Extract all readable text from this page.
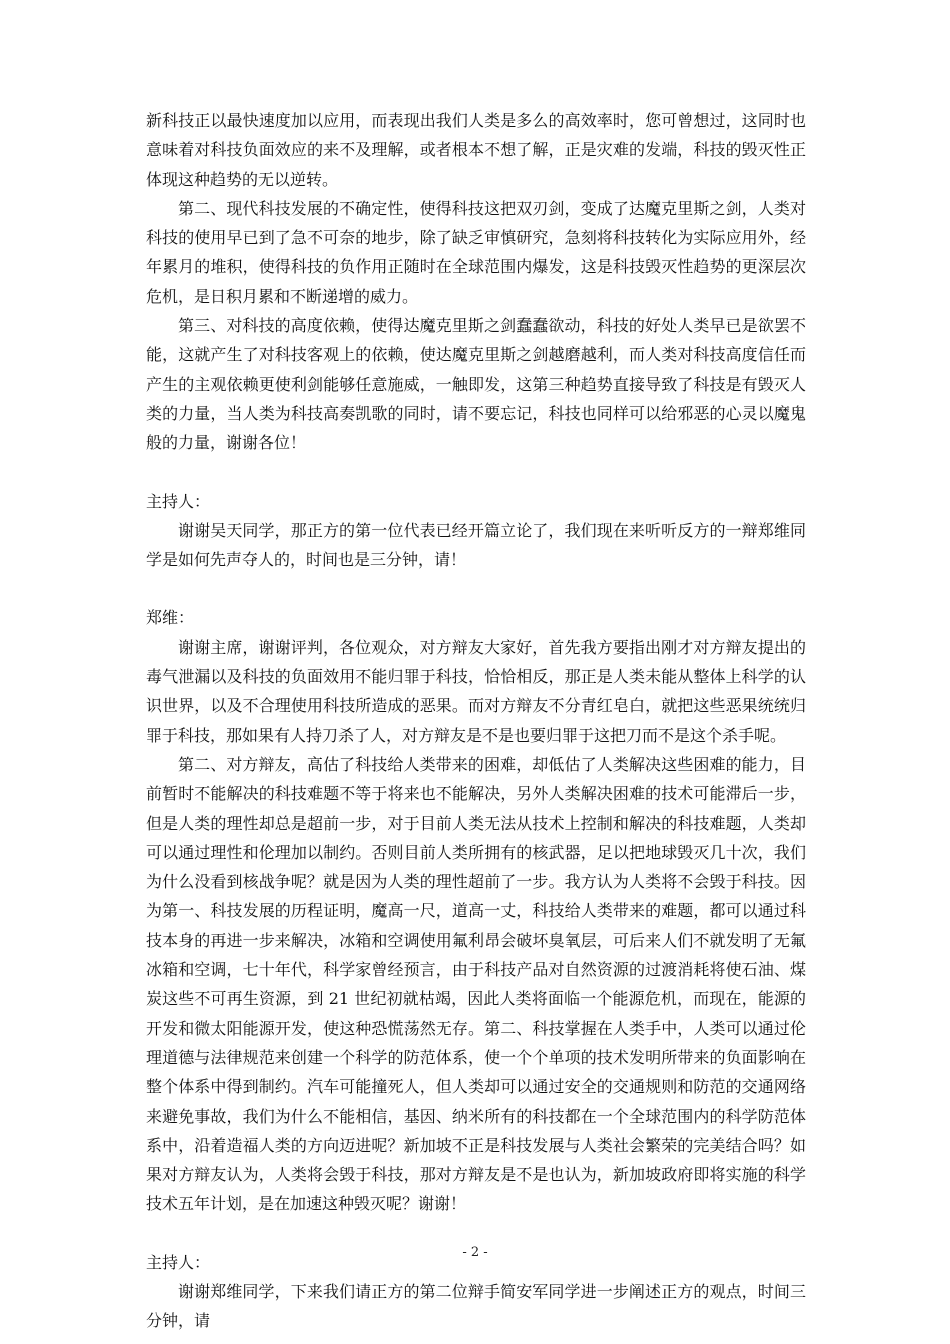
新科技正以最快速度加以应用，而表现出我们人类是多么的高效率时，您可曾想过，这同时也意味着对科技负面效应的来不及理解，或者根本不想了解，正是灾难的发端，科技的毁灭性正体现这种趋势的无以逆转。

第二、现代科技发展的不确定性，使得科技这把双刃剑，变成了达魔克里斯之剑，人类对科技的使用早已到了急不可奈的地步，除了缺乏审慎研究，急刻将科技转化为实际应用外，经年累月的堆积，使得科技的负作用正随时在全球范围内爆发，这是科技毁灭性趋势的更深层次危机，是日积月累和不断递增的威力。

第三、对科技的高度依赖，使得达魔克里斯之剑蠢蠢欲动，科技的好处人类早已是欲罢不能，这就产生了对科技客观上的依赖，使达魔克里斯之剑越磨越利，而人类对科技高度信任而产生的主观依赖更使利剑能够任意施威，一触即发，这第三种趋势直接导致了科技是有毁灭人类的力量，当人类为科技高奏凯歌的同时，请不要忘记，科技也同样可以给邪恶的心灵以魔鬼般的力量，谢谢各位！

主持人：

谢谢吴天同学，那正方的第一位代表已经开篇立论了，我们现在来听听反方的一辩郑维同学是如何先声夺人的，时间也是三分钟，请！

郑维：

谢谢主席，谢谢评判，各位观众，对方辩友大家好，首先我方要指出刚才对方辩友提出的毒气泄漏以及科技的负面效用不能归罪于科技，恰恰相反，那正是人类未能从整体上科学的认识世界，以及不合理使用科技所造成的恶果。而对方辩友不分青红皂白，就把这些恶果统统归罪于科技，那如果有人持刀杀了人，对方辩友是不是也要归罪于这把刀而不是这个杀手呢。

第二、对方辩友，高估了科技给人类带来的困难，却低估了人类解决这些困难的能力，目前暂时不能解决的科技难题不等于将来也不能解决，另外人类解决困难的技术可能滞后一步，但是人类的理性却总是超前一步，对于目前人类无法从技术上控制和解决的科技难题，人类却可以通过理性和伦理加以制约。否则目前人类所拥有的核武器，足以把地球毁灭几十次，我们为什么没看到核战争呢？就是因为人类的理性超前了一步。我方认为人类将不会毁于科技。因为第一、科技发展的历程证明，魔高一尺，道高一丈，科技给人类带来的难题，都可以通过科技本身的再进一步来解决，冰箱和空调使用氟利昂会破坏臭氧层，可后来人们不就发明了无氟冰箱和空调，七十年代，科学家曾经预言，由于科技产品对自然资源的过渡消耗将使石油、煤炭这些不可再生资源，到 21 世纪初就枯竭，因此人类将面临一个能源危机，而现在，能源的开发和微太阳能源开发，使这种恐慌荡然无存。第二、科技掌握在人类手中，人类可以通过伦理道德与法律规范来创建一个科学的防范体系，使一个个单项的技术发明所带来的负面影响在整个体系中得到制约。汽车可能撞死人，但人类却可以通过安全的交通规则和防范的交通网络来避免事故，我们为什么不能相信，基因、纳米所有的科技都在一个全球范围内的科学防范体系中，沿着造福人类的方向迈进呢？新加坡不正是科技发展与人类社会繁荣的完美结合吗？如果对方辩友认为，人类将会毁于科技，那对方辩友是不是也认为，新加坡政府即将实施的科学技术五年计划，是在加速这种毁灭呢？谢谢！

主持人：

谢谢郑维同学，下来我们请正方的第二位辩手简安军同学进一步阐述正方的观点，时间三分钟，请

- 2 -
